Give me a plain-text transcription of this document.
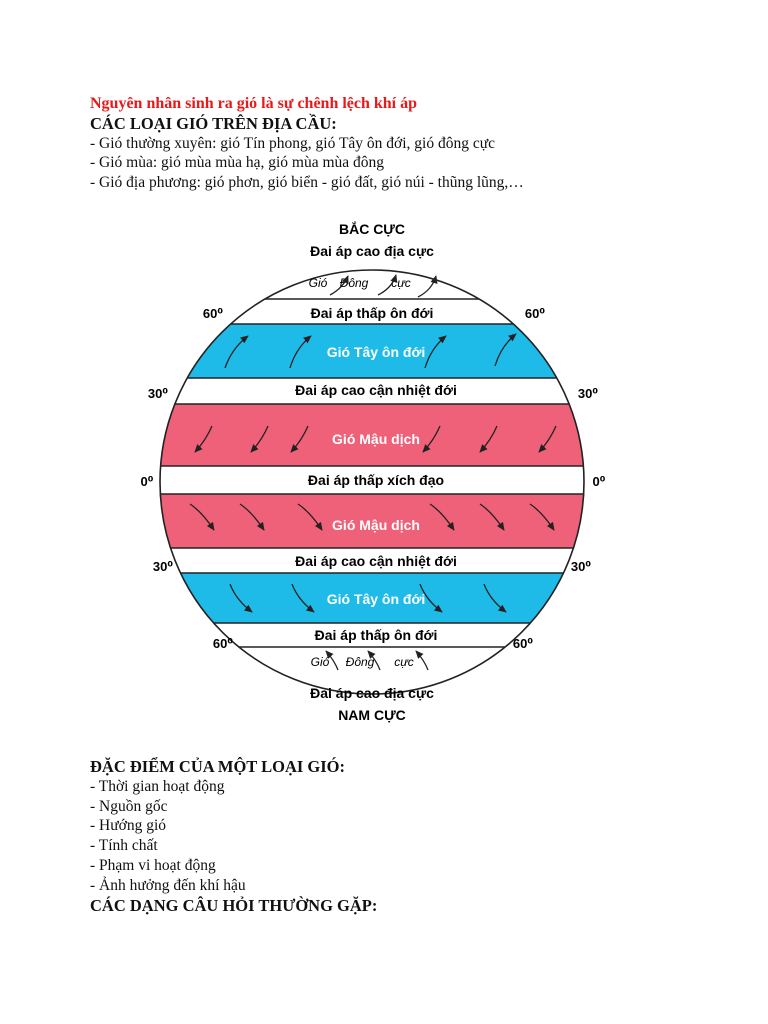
Nguyên nhân sinh ra gió là sự chênh lệch khí áp
CÁC LOẠI GIÓ TRÊN ĐỊA CẦU:
- Gió thường xuyên: gió Tín phong, gió Tây ôn đới, gió đông cực
- Gió mùa: gió mùa mùa hạ, gió mùa mùa đông
- Gió địa phương: gió phơn, gió biển - gió đất, gió núi - thũng lũng,…
BẮC CỰC
Đai áp cao địa cực
Đai áp cao địa cực
NAM CỰC
Đai áp thấp ôn đới
Gió Tây ôn đới
Đai áp cao cận nhiệt đới
Gió Mậu dịch
Đai áp thấp xích đạo
Gió Mậu dịch
Đai áp cao cận nhiệt đới
Gió Tây ôn đới
Đai áp thấp ôn đới
Gió Đông cực
Gió Đông cực
60⁰	60⁰
30⁰	30⁰
0⁰	0⁰
30⁰	30⁰
60⁰	60⁰
ĐẶC ĐIỂM CỦA MỘT LOẠI GIÓ:
- Thời gian hoạt động
- Nguồn gốc
- Hướng gió
- Tính chất
- Phạm vi hoạt động
- Ảnh hưởng đến khí hậu
CÁC DẠNG CÂU HỎI THƯỜNG GẶP:
